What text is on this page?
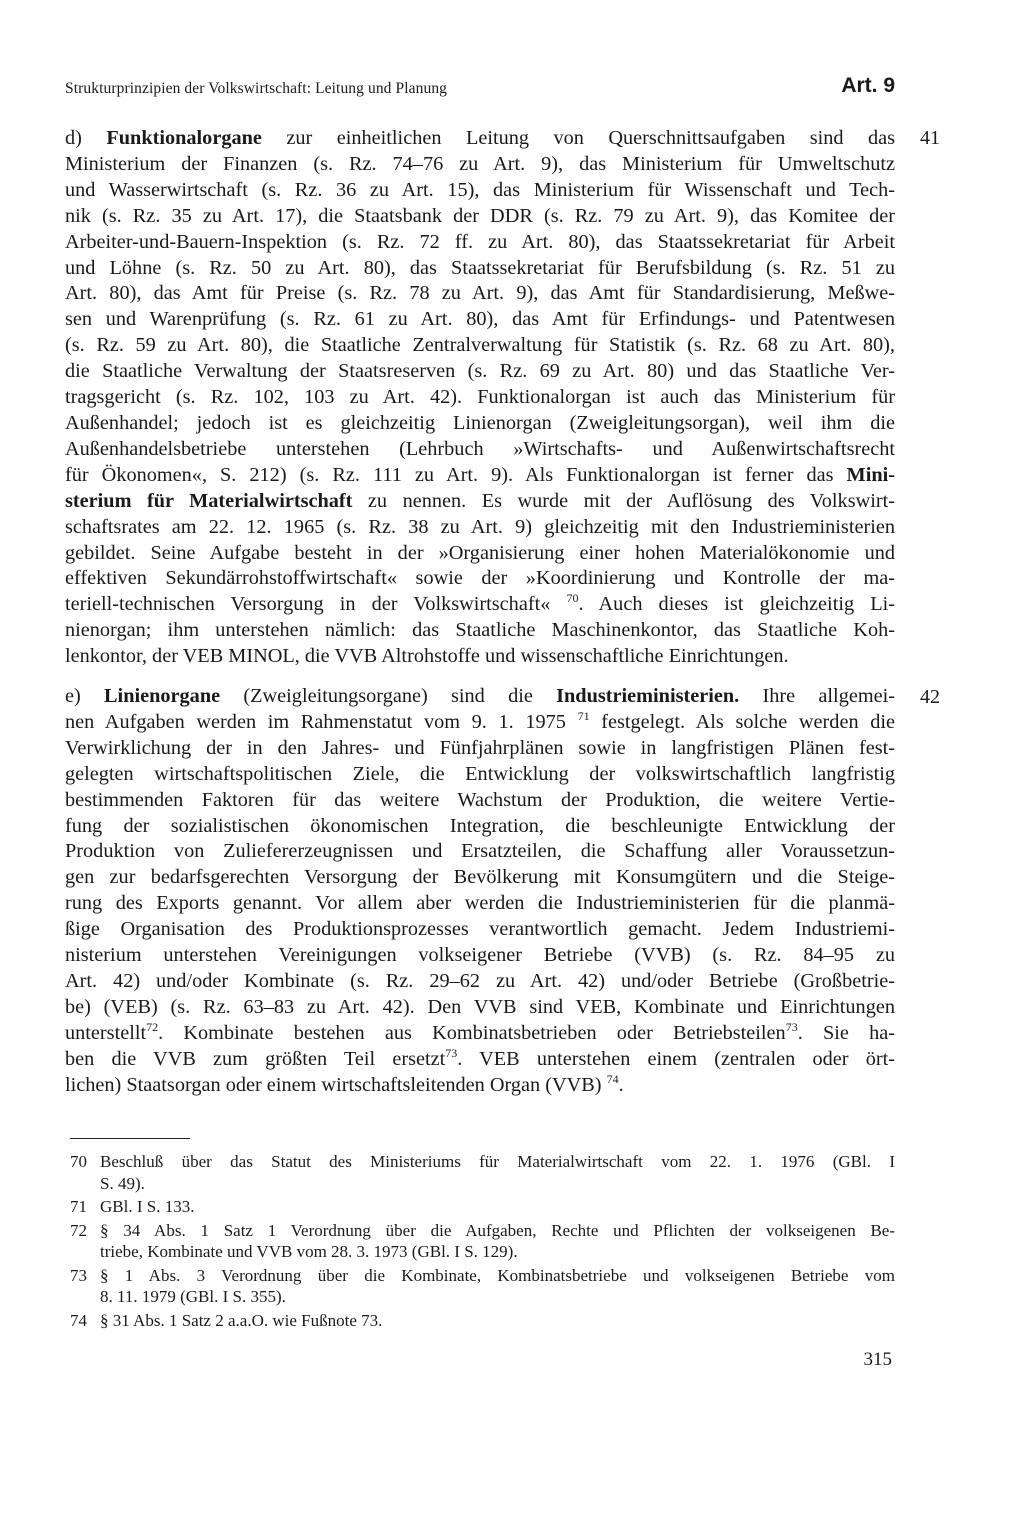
Strukturprinzipien der Volkswirtschaft: Leitung und Planung	Art. 9
41
42
d) Funktionalorgane zur einheitlichen Leitung von Querschnittsaufgaben sind das
Ministerium der Finanzen (s. Rz. 74–76 zu Art. 9), das Ministerium für Umweltschutz
und Wasserwirtschaft (s. Rz. 36 zu Art. 15), das Ministerium für Wissenschaft und Tech-
nik (s. Rz. 35 zu Art. 17), die Staatsbank der DDR (s. Rz. 79 zu Art. 9), das Komitee der
Arbeiter-und-Bauern-Inspektion (s. Rz. 72 ff. zu Art. 80), das Staatssekretariat für Arbeit
und Löhne (s. Rz. 50 zu Art. 80), das Staatssekretariat für Berufsbildung (s. Rz. 51 zu
Art. 80), das Amt für Preise (s. Rz. 78 zu Art. 9), das Amt für Standardisierung, Meßwe-
sen und Warenprüfung (s. Rz. 61 zu Art. 80), das Amt für Erfindungs- und Patentwesen
(s. Rz. 59 zu Art. 80), die Staatliche Zentralverwaltung für Statistik (s. Rz. 68 zu Art. 80),
die Staatliche Verwaltung der Staatsreserven (s. Rz. 69 zu Art. 80) und das Staatliche Ver-
tragsgericht (s. Rz. 102, 103 zu Art. 42). Funktionalorgan ist auch das Ministerium für
Außenhandel; jedoch ist es gleichzeitig Linienorgan (Zweigleitungsorgan), weil ihm die
Außenhandelsbetriebe unterstehen (Lehrbuch »Wirtschafts- und Außenwirtschaftsrecht
für Ökonomen«, S. 212) (s. Rz. 111 zu Art. 9). Als Funktionalorgan ist ferner das Mini-
sterium für Materialwirtschaft zu nennen. Es wurde mit der Auflösung des Volkswirt-
schaftsrates am 22. 12. 1965 (s. Rz. 38 zu Art. 9) gleichzeitig mit den Industrieministerien
gebildet. Seine Aufgabe besteht in der »Organisierung einer hohen Materialökonomie und
effektiven Sekundärrohstoffwirtschaft« sowie der »Koordinierung und Kontrolle der ma-
teriell-technischen Versorgung in der Volkswirtschaft« $^{70}$. Auch dieses ist gleichzeitig Li-
nienorgan; ihm unterstehen nämlich: das Staatliche Maschinenkontor, das Staatliche Koh-
lenkontor, der VEB MINOL, die VVB Altrohstoffe und wissenschaftliche Einrichtungen.
e) Linienorgane (Zweigleitungsorgane) sind die Industrieministerien. Ihre allgemei-
nen Aufgaben werden im Rahmenstatut vom 9. 1. 1975 $^{71}$ festgelegt. Als solche werden die
Verwirklichung der in den Jahres- und Fünfjahrplänen sowie in langfristigen Plänen fest-
gelegten wirtschaftspolitischen Ziele, die Entwicklung der volkswirtschaftlich langfristig
bestimmenden Faktoren für das weitere Wachstum der Produktion, die weitere Vertie-
fung der sozialistischen ökonomischen Integration, die beschleunigte Entwicklung der
Produktion von Zuliefererzeugnissen und Ersatzteilen, die Schaffung aller Voraussetzun-
gen zur bedarfsgerechten Versorgung der Bevölkerung mit Konsumgütern und die Steige-
rung des Exports genannt. Vor allem aber werden die Industrieministerien für die planmä-
ßige Organisation des Produktionsprozesses verantwortlich gemacht. Jedem Industriemi-
nisterium unterstehen Vereinigungen volkseigener Betriebe (VVB) (s. Rz. 84–95 zu
Art. 42) und/oder Kombinate (s. Rz. 29–62 zu Art. 42) und/oder Betriebe (Großbetrie-
be) (VEB) (s. Rz. 63–83 zu Art. 42). Den VVB sind VEB, Kombinate und Einrichtungen
unterstellt$^{72}$. Kombinate bestehen aus Kombinatsbetrieben oder Betriebsteilen$^{73}$. Sie ha-
ben die VVB zum größten Teil ersetzt$^{73}$. VEB unterstehen einem (zentralen oder ört-
lichen) Staatsorgan oder einem wirtschaftsleitenden Organ (VVB) $^{74}$.
70 Beschluß über das Statut des Ministeriums für Materialwirtschaft vom 22. 1. 1976 (GBl. I
S. 49).
71 GBl. I S. 133.
72 § 34 Abs. 1 Satz 1 Verordnung über die Aufgaben, Rechte und Pflichten der volkseigenen Be-
triebe, Kombinate und VVB vom 28. 3. 1973 (GBl. I S. 129).
73 § 1 Abs. 3 Verordnung über die Kombinate, Kombinatsbetriebe und volkseigenen Betriebe vom
8. 11. 1979 (GBl. I S. 355).
74 § 31 Abs. 1 Satz 2 a.a.O. wie Fußnote 73.
315
